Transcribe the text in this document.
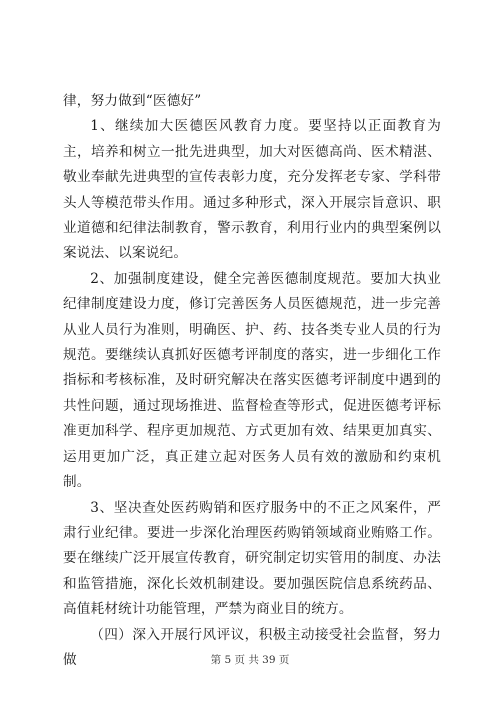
律，努力做到“医德好”

1、继续加大医德医风教育力度。要坚持以正面教育为主，培养和树立一批先进典型，加大对医德高尚、医术精湛、敬业奉献先进典型的宣传表彰力度，充分发挥老专家、学科带头人等模范带头作用。通过多种形式，深入开展宗旨意识、职业道德和纪律法制教育，警示教育，利用行业内的典型案例以案说法、以案说纪。

2、加强制度建设，健全完善医德制度规范。要加大执业纪律制度建设力度，修订完善医务人员医德规范，进一步完善从业人员行为准则，明确医、护、药、技各类专业人员的行为规范。要继续认真抓好医德考评制度的落实，进一步细化工作指标和考核标准，及时研究解决在落实医德考评制度中遇到的共性问题，通过现场推进、监督检查等形式，促进医德考评标准更加科学、程序更加规范、方式更加有效、结果更加真实、运用更加广泛，真正建立起对医务人员有效的激励和约束机制。

3、坚决查处医药购销和医疗服务中的不正之风案件，严肃行业纪律。要进一步深化治理医药购销领域商业贿赂工作。要在继续广泛开展宣传教育，研究制定切实管用的制度、办法和监管措施，深化长效机制建设。要加强医院信息系统药品、高值耗材统计功能管理，严禁为商业目的统方。

（四）深入开展行风评议，积极主动接受社会监督，努力做	第 5 页 共 39 页
